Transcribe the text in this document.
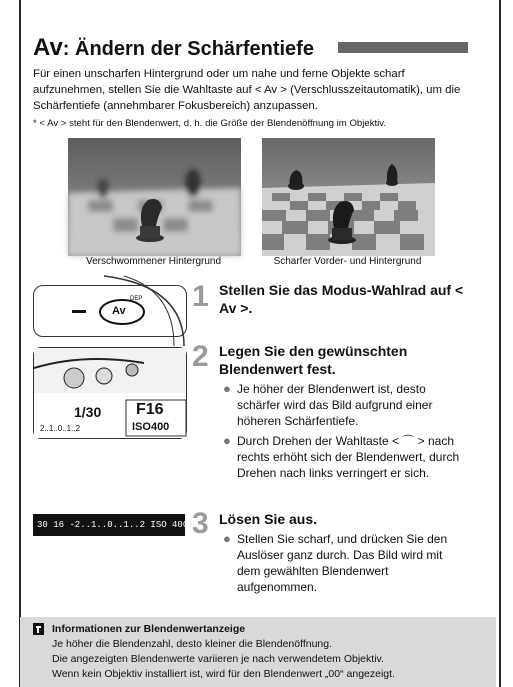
Av: Ändern der Schärfentiefe
Für einen unscharfen Hintergrund oder um nahe und ferne Objekte scharf aufzunehmen, stellen Sie die Wahltaste auf < Av > (Verschlusszeitautomatik), um die Schärfentiefe (annehmbarer Fokusbereich) anzupassen.
* < Av > steht für den Blendenwert, d. h. die Größe der Blendenöffnung im Objektiv.
Verschwommener Hintergrund	Scharfer Vorder- und Hintergrund
DEP
Av 1 Stellen Sie das Modus-Wahlrad auf < Av >.
1/30 F16
2..1..0..1..2	ISO400
2 Legen Sie den gewünschten Blendenwert fest.
● Je höher der Blendenwert ist, desto schärfer wird das Bild aufgrund einer höheren Schärfentiefe.
● Durch Drehen der Wahltaste < ⌒ > nach rechts erhöht sich der Blendenwert, durch Drehen nach links verringert er sich.
30 16 -2..1..0..1..2 ISO 400 9●
3 Lösen Sie aus.
● Stellen Sie scharf, und drücken Sie den Auslöser ganz durch. Das Bild wird mit dem gewählten Blendenwert aufgenommen.
Informationen zur Blendenwertanzeige
Je höher die Blendenzahl, desto kleiner die Blendenöffnung.
Die angezeigten Blendenwerte variieren je nach verwendetem Objektiv.
Wenn kein Objektiv installiert ist, wird für den Blendenwert „00“ angezeigt.
